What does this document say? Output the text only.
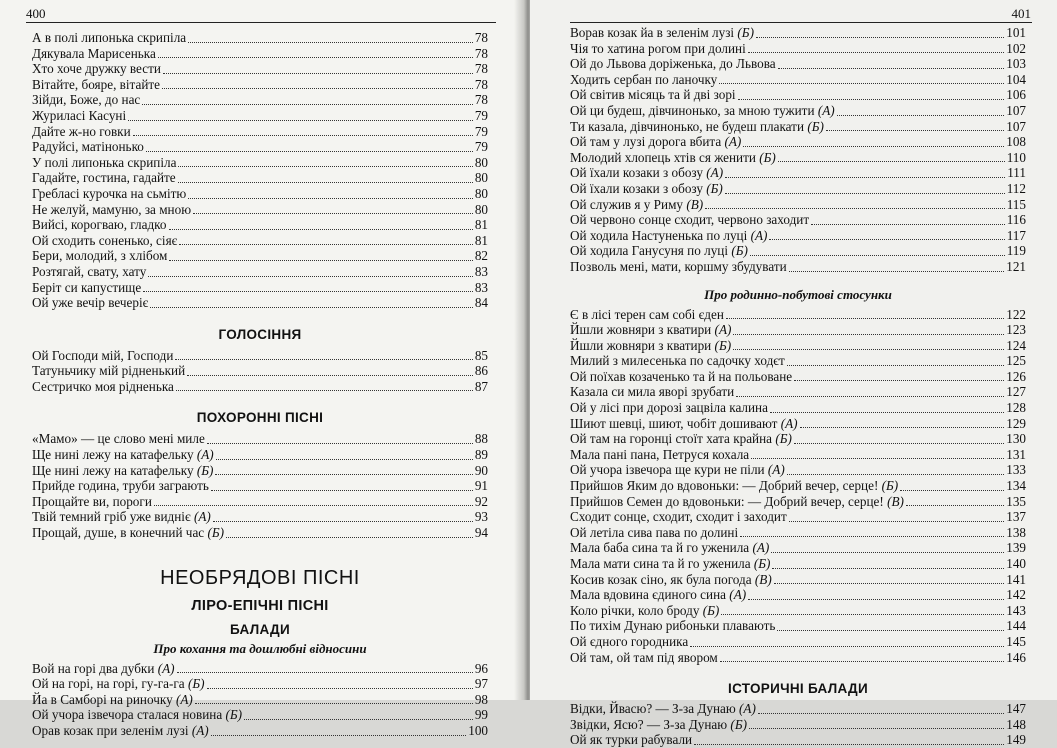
400
А в полі липонька скрипіла	78
Дякувала Марисенька	78
Хто хоче дружку вести	78
Вітайте, бояре, вітайте	78
Зійди, Боже, до нас	78
Журиласі Касуні	79
Дайте ж-но говки	79
Радуйсі, матінонько	79
У полі липонька скрипіла	80
Гадайте, гостина, гадайте	80
Гребласі курочка на сьмітю	80
Не желуй, мамуню, за мною	80
Вийсі, корогваю, гладко	81
Ой сходить соненько, сіяє	81
Бери, молодий, з хлібом	82
Розтягай, свату, хату	83
Беріт си капустище	83
Ой уже вечір вечеріє	84
ГОЛОСІННЯ
Ой Господи мій, Господи	85
Татуньчику мій рідненький	86
Сестричко моя рідненька	87
ПОХОРОННІ ПІСНІ
«Мамо» — це слово мені миле	88
Ще нині лежу на катафельку (А)	89
Ще нині лежу на катафельку (Б)	90
Прийде година, труби заграють	91
Прощайте ви, пороги	92
Твій темний гріб уже видніє (А)	93
Прощай, душе, в конечний час (Б)	94
НЕОБРЯДОВІ ПІСНІ
ЛІРО-ЕПІЧНІ ПІСНІ
БАЛАДИ
Про кохання та дошлюбні відносини
Вой на горі два дубки (А)	96
Ой на горі, на горі, гу-га-га (Б)	97
Йа в Самборі на риночку (А)	98
Ой учора ізвечора сталася новина (Б)	99
Орав козак при зеленім лузі (А)	100
401
Ворав козак йа в зеленім лузі (Б)	101
Чія то хатина рогом при долині	102
Ой до Львова доріженька, до Львова	103
Ходить сербан по ланочку	104
Ой світив місяць та й дві зорі	106
Ой ци будеш, дівчинонько, за мною тужити (А)	107
Ти казала, дівчинонько, не будеш плакати (Б)	107
Ой там у лузі дорога вбита (А)	108
Молодий хлопець хтів ся женити (Б)	110
Ой їхали козаки з обозу (А)	111
Ой їхали козаки з обозу (Б)	112
Ой служив я у Риму (В)	115
Ой червоно сонце сходит, червоно заходит	116
Ой ходила Настуненька по луці (А)	117
Ой ходила Ганусуня по луці (Б)	119
Позволь мені, мати, коршму збудувати	121
Про родинно-побутові стосунки
Є в лісі терен сам собі єден	122
Йшли жовняри з кватири (А)	123
Йшли жовняри з кватири (Б)	124
Милий з милесенька по садочку ходєт	125
Ой поїхав козаченько та й на польоване	126
Казала си мила яворі зрубати	127
Ой у лісі при дорозі зацвіла калина	128
Шиют шевці, шиют, чобіт дошивают (А)	129
Ой там на горонці стоїт хата крайна (Б)	130
Мала пані пана, Петруся кохала	131
Ой учора ізвечора ще кури не піли (А)	133
Прийшов Яким до вдовоньки: — Добрий вечер, серце! (Б)	134
Прийшов Семен до вдовоньки: — Добрий вечер, серце! (В)	135
Сходит сонце, сходит, сходит і заходит	137
Ой летіла сива пава по долині	138
Мала баба сина та й го уженила (А)	139
Мала мати сина та й го уженила (Б)	140
Косив козак сіно, як була погода (В)	141
Мала вдовина єдиного сина (А)	142
Коло річки, коло броду (Б)	143
По тихім Дунаю рибоньки плавають	144
Ой єдного городника	145
Ой там, ой там під явором	146
ІСТОРИЧНІ БАЛАДИ
Відки, Йвасю? — З-за Дунаю (А)	147
Звідки, Ясю? — З-за Дунаю (Б)	148
Ой як турки рабували	149
